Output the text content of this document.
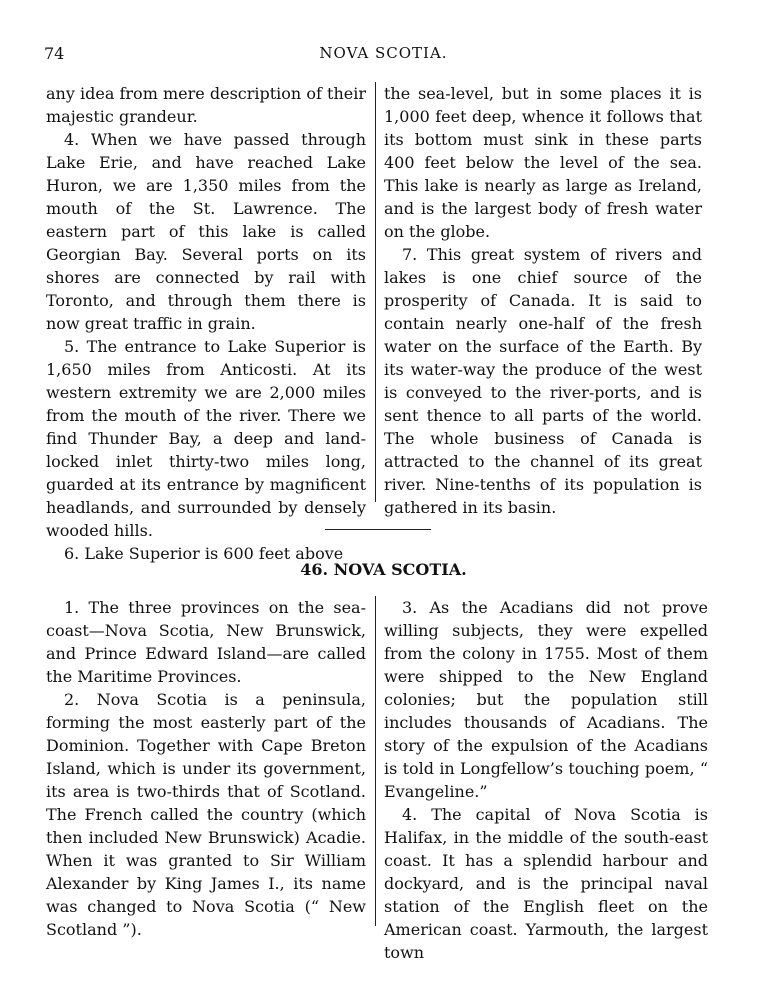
74	NOVA SCOTIA.

any idea from mere description of their majestic grandeur.

4. When we have passed through Lake Erie, and have reached Lake Huron, we are 1,350 miles from the mouth of the St. Lawrence. The eastern part of this lake is called Georgian Bay. Several ports on its shores are connected by rail with Toronto, and through them there is now great traffic in grain.

5. The entrance to Lake Superior is 1,650 miles from Anticosti. At its western extremity we are 2,000 miles from the mouth of the river. There we find Thunder Bay, a deep and land-locked inlet thirty-two miles long, guarded at its entrance by magnificent headlands, and surrounded by densely wooded hills.

6. Lake Superior is 600 feet above

the sea-level, but in some places it is 1,000 feet deep, whence it follows that its bottom must sink in these parts 400 feet below the level of the sea. This lake is nearly as large as Ireland, and is the largest body of fresh water on the globe.

7. This great system of rivers and lakes is one chief source of the prosperity of Canada. It is said to contain nearly one-half of the fresh water on the surface of the Earth. By its water-way the produce of the west is conveyed to the river-ports, and is sent thence to all parts of the world. The whole business of Canada is attracted to the channel of its great river. Nine-tenths of its population is gathered in its basin.

46. NOVA SCOTIA.

1. The three provinces on the sea-coast—Nova Scotia, New Brunswick, and Prince Edward Island—are called the Maritime Provinces.

2. Nova Scotia is a peninsula, forming the most easterly part of the Dominion. Together with Cape Breton Island, which is under its government, its area is two-thirds that of Scotland. The French called the country (which then included New Brunswick) Acadie. When it was granted to Sir William Alexander by King James I., its name was changed to Nova Scotia (“ New Scotland ”).

3. As the Acadians did not prove willing subjects, they were expelled from the colony in 1755. Most of them were shipped to the New England colonies; but the population still includes thousands of Acadians. The story of the expulsion of the Acadians is told in Longfellow’s touching poem, “ Evangeline.”

4. The capital of Nova Scotia is Halifax, in the middle of the south-east coast. It has a splendid harbour and dockyard, and is the principal naval station of the English fleet on the American coast. Yarmouth, the largest town
